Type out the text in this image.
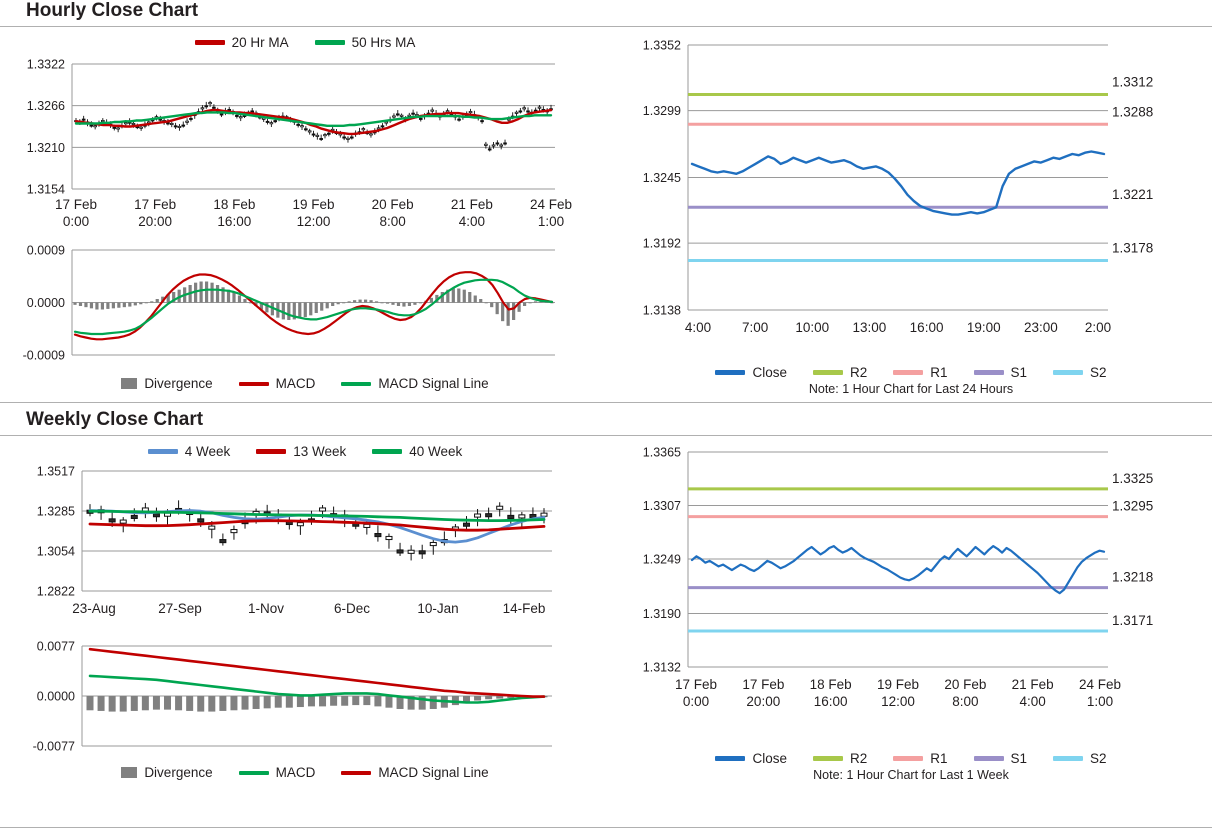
Hourly Close Chart
20 Hr MA	50 Hrs MA
1.3322
1.3266
1.3210
1.3154
17 Feb
0:00
17 Feb
20:00
18 Feb
16:00
19 Feb
12:00
20 Feb
8:00
21 Feb
4:00
24 Feb
1:00
0.0009
0.0000
-0.0009
Divergence	MACD	MACD Signal Line
1.3352
1.3299
1.3245
1.3192
1.3138
1.3312
1.3288
1.3221
1.3178
4:00 7:00 10:00 13:00 16:00 19:00 23:00 2:00
Close	R2	R1	S1	S2
Note: 1 Hour Chart for Last 24 Hours
Weekly Close Chart
4 Week	13 Week	40 Week
1.3517
1.3285
1.3054
1.2822
23-Aug	27-Sep	1-Nov	6-Dec	10-Jan	14-Feb
0.0077
0.0000
-0.0077
Divergence	MACD	MACD Signal Line
1.3365
1.3307
1.3249
1.3190
1.3132
1.3325
1.3295
1.3218
1.3171
17 Feb
0:00
17 Feb
20:00
18 Feb
16:00
19 Feb
12:00
20 Feb
8:00
21 Feb
4:00
24 Feb
1:00
Close	R2	R1	S1	S2
Note: 1 Hour Chart for Last 1 Week
